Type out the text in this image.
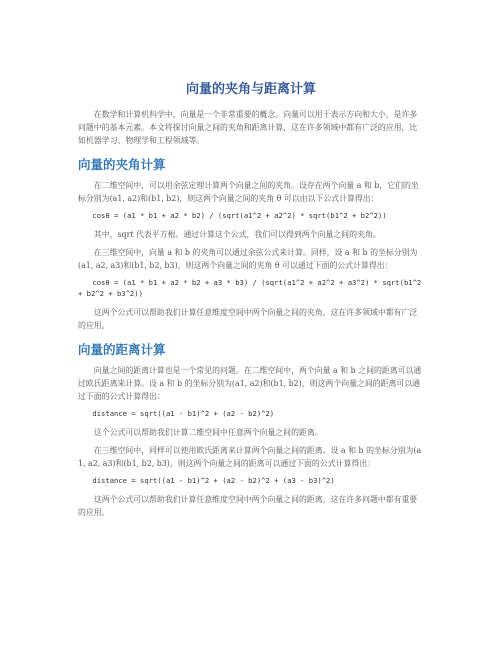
向量的夹角与距离计算
在数学和计算机科学中，向量是一个非常重要的概念。向量可以用于表示方向和大小，是许多问题中的基本元素。本文将探讨向量之间的夹角和距离计算，这在许多领域中都有广泛的应用，比如机器学习、物理学和工程领域等。
向量的夹角计算
在二维空间中，可以用余弦定理计算两个向量之间的夹角。设存在两个向量 a 和 b，它们的坐标分别为(a1, a2)和(b1, b2)，则这两个向量之间的夹角 θ 可以由以下公式计算得出：
cosθ = (a1 * b1 + a2 * b2) / (sqrt(a1^2 + a2^2) * sqrt(b1^2 + b2^2))
其中，sqrt 代表平方根。通过计算这个公式，我们可以得到两个向量之间的夹角。
在三维空间中，向量 a 和 b 的夹角可以通过余弦公式来计算。同样，设 a 和 b 的坐标分别为(a1, a2, a3)和(b1, b2, b3)，则这两个向量之间的夹角 θ 可以通过下面的公式计算得出：
cosθ = (a1 * b1 + a2 * b2 + a3 * b3) / (sqrt(a1^2 + a2^2 + a3^2) * sqrt(b1^2 + b2^2 + b3^2))
这两个公式可以帮助我们计算任意维度空间中两个向量之间的夹角，这在许多领域中都有广泛的应用。
向量的距离计算
向量之间的距离计算也是一个常见的问题。在二维空间中，两个向量 a 和 b 之间的距离可以通过欧氏距离来计算。设 a 和 b 的坐标分别为(a1, a2)和(b1, b2)，则这两个向量之间的距离可以通过下面的公式计算得出：
distance = sqrt((a1 - b1)^2 + (a2 - b2)^2)
这个公式可以帮助我们计算二维空间中任意两个向量之间的距离。
在三维空间中，同样可以使用欧氏距离来计算两个向量之间的距离。设 a 和 b 的坐标分别为(a1, a2, a3)和(b1, b2, b3)，则这两个向量之间的距离可以通过下面的公式计算得出：
distance = sqrt((a1 - b1)^2 + (a2 - b2)^2 + (a3 - b3)^2)
这两个公式可以帮助我们计算任意维度空间中两个向量之间的距离，这在许多问题中都有重要的应用。
